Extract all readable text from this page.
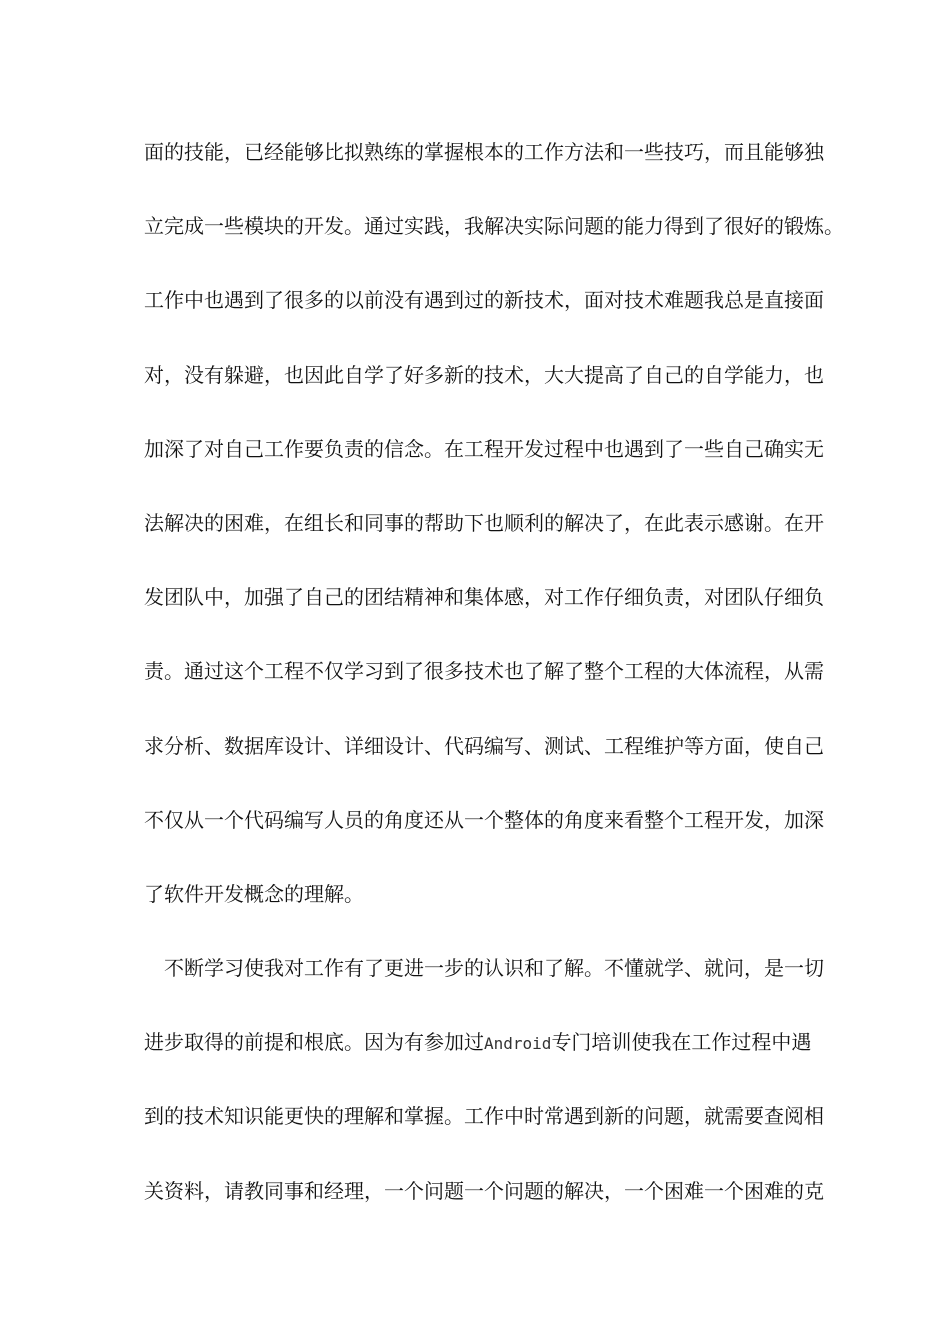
面的技能，已经能够比拟熟练的掌握根本的工作方法和一些技巧，而且能够独
立完成一些模块的开发。通过实践，我解决实际问题的能力得到了很好的锻炼。
工作中也遇到了很多的以前没有遇到过的新技术，面对技术难题我总是直接面
对，没有躲避，也因此自学了好多新的技术，大大提高了自己的自学能力，也
加深了对自己工作要负责的信念。在工程开发过程中也遇到了一些自己确实无
法解决的困难，在组长和同事的帮助下也顺利的解决了，在此表示感谢。在开
发团队中，加强了自己的团结精神和集体感，对工作仔细负责，对团队仔细负
责。通过这个工程不仅学习到了很多技术也了解了整个工程的大体流程，从需
求分析、数据库设计、详细设计、代码编写、测试、工程维护等方面，使自己
不仅从一个代码编写人员的角度还从一个整体的角度来看整个工程开发，加深
了软件开发概念的理解。
不断学习使我对工作有了更进一步的认识和了解。不懂就学、就问，是一切
进步取得的前提和根底。因为有参加过Android专门培训使我在工作过程中遇
到的技术知识能更快的理解和掌握。工作中时常遇到新的问题，就需要查阅相
关资料，请教同事和经理，一个问题一个问题的解决，一个困难一个困难的克
